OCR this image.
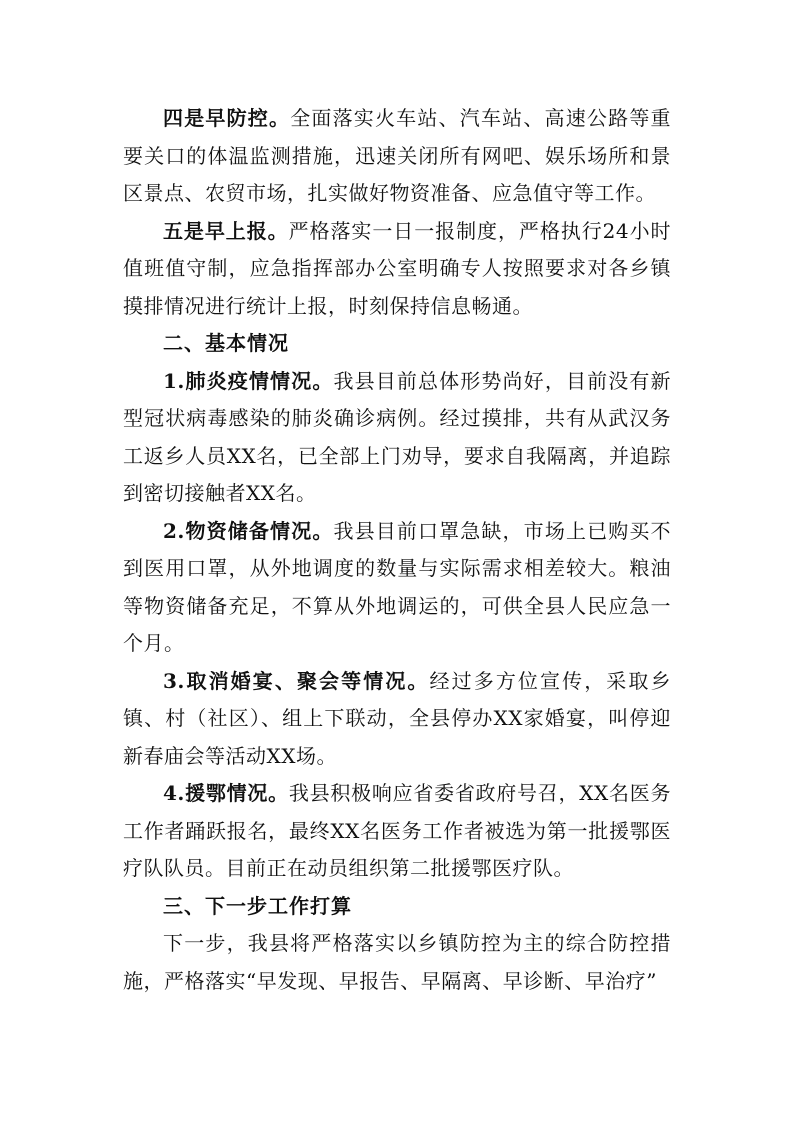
四是早防控。全面落实火车站、汽车站、高速公路等重要关口的体温监测措施，迅速关闭所有网吧、娱乐场所和景区景点、农贸市场，扎实做好物资准备、应急值守等工作。

五是早上报。严格落实一日一报制度，严格执行24小时值班值守制，应急指挥部办公室明确专人按照要求对各乡镇摸排情况进行统计上报，时刻保持信息畅通。

二、基本情况

1.肺炎疫情情况。我县目前总体形势尚好，目前没有新型冠状病毒感染的肺炎确诊病例。经过摸排，共有从武汉务工返乡人员XX名，已全部上门劝导，要求自我隔离，并追踪到密切接触者XX名。

2.物资储备情况。我县目前口罩急缺，市场上已购买不到医用口罩，从外地调度的数量与实际需求相差较大。粮油等物资储备充足，不算从外地调运的，可供全县人民应急一个月。

3.取消婚宴、聚会等情况。经过多方位宣传，采取乡镇、村（社区）、组上下联动，全县停办XX家婚宴，叫停迎新春庙会等活动XX场。

4.援鄂情况。我县积极响应省委省政府号召，XX名医务工作者踊跃报名，最终XX名医务工作者被选为第一批援鄂医疗队队员。目前正在动员组织第二批援鄂医疗队。

三、下一步工作打算

下一步，我县将严格落实以乡镇防控为主的综合防控措施，严格落实“早发现、早报告、早隔离、早诊断、早治疗”
